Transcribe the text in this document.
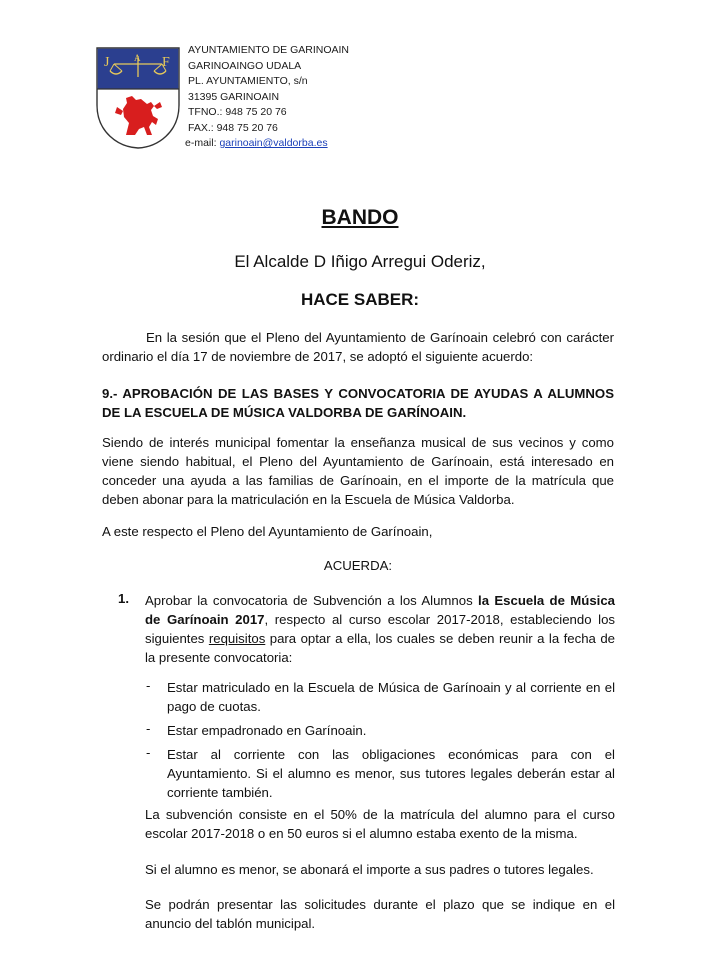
J	A F
AYUNTAMIENTO DE GARINOAIN
GARINOAINGO UDALA
PL. AYUNTAMIENTO, s/n
31395 GARINOAIN
TFNO.: 948 75 20 76
FAX.: 948 75 20 76
e-mail: garinoain@valdorba.es
BANDO
El Alcalde D Iñigo Arregui Oderiz,
HACE SABER:
En la sesión que el Pleno del Ayuntamiento de Garínoain celebró con carácter ordinario el día 17 de noviembre de 2017, se adoptó el siguiente acuerdo:
9.- APROBACIÓN DE LAS BASES Y CONVOCATORIA DE AYUDAS A ALUMNOS DE LA ESCUELA DE MÚSICA VALDORBA DE GARÍNOAIN.
Siendo de interés municipal fomentar la enseñanza musical de sus vecinos y como viene siendo habitual, el Pleno del Ayuntamiento de Garínoain, está interesado en conceder una ayuda a las familias de Garínoain, en el importe de la matrícula que deben abonar para la matriculación en la Escuela de Música Valdorba.
A este respecto el Pleno del Ayuntamiento de Garínoain,
ACUERDA:
1. Aprobar la convocatoria de Subvención a los Alumnos la Escuela de Música de Garínoain 2017, respecto al curso escolar 2017-2018, estableciendo los siguientes requisitos para optar a ella, los cuales se deben reunir a la fecha de la presente convocatoria:
- Estar matriculado en la Escuela de Música de Garínoain y al corriente en el pago de cuotas.
- Estar empadronado en Garínoain.
- Estar al corriente con las obligaciones económicas para con el Ayuntamiento. Si el alumno es menor, sus tutores legales deberán estar al corriente también.
La subvención consiste en el 50% de la matrícula del alumno para el curso escolar 2017-2018 o en 50 euros si el alumno estaba exento de la misma.
Si el alumno es menor, se abonará el importe a sus padres o tutores legales.
Se podrán presentar las solicitudes durante el plazo que se indique en el anuncio del tablón municipal.
